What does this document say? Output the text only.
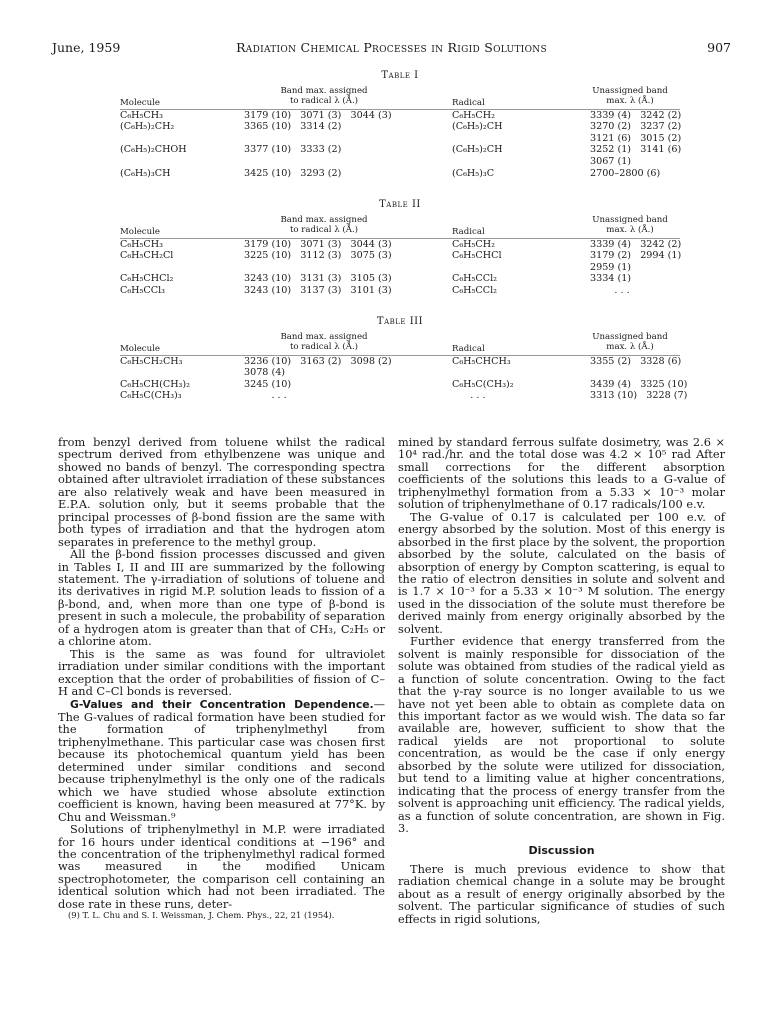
June, 1959	Radiation Chemical Processes in Rigid Solutions	907
Table I
Molecule
Band max. assigned
to radical λ (Å.)	Radical
Unassigned band
max. λ (Å.)
C₆H₅CH₃	3179 (10)   3071 (3)   3044 (3)	C₆H₅CH₂	3339 (4)   3242 (2)
(C₆H₅)₂CH₂	3365 (10)   3314 (2)	(C₆H₅)₂CH	3270 (2)   3237 (2)
3121 (6)   3015 (2)
(C₆H₅)₂CHOH	3377 (10)   3333 (2)	(C₆H₅)₂CH	3252 (1)   3141 (6)
3067 (1)
(C₆H₅)₃CH	3425 (10)   3293 (2)	(C₆H₅)₃C	2700–2800 (6)
Table II
Molecule
Band max. assigned
to radical λ (Å.)	Radical
Unassigned band
max. λ (Å.)
C₆H₅CH₃	3179 (10)   3071 (3)   3044 (3)	C₆H₅CH₂	3339 (4)   3242 (2)
C₆H₅CH₂Cl	3225 (10)   3112 (3)   3075 (3)	C₆H₅CHCl	3179 (2)   2994 (1)
2959 (1)
C₆H₅CHCl₂	3243 (10)   3131 (3)   3105 (3)	C₆H₅CCl₂	3334 (1)
C₆H₅CCl₃	3243 (10)   3137 (3)   3101 (3)	C₆H₅CCl₂	. . .
Table III
Molecule
Band max. assigned
to radical λ (Å.)	Radical
Unassigned band
max. λ (Å.)
C₆H₅CH₂CH₃	3236 (10)   3163 (2)   3098 (2)	C₆H₅CHCH₃	3355 (2)   3328 (6)
3078 (4)
C₆H₅CH(CH₃)₂	3245 (10)	C₆H₅C(CH₃)₂	3439 (4)   3325 (10)
C₆H₅C(CH₃)₃	. . .	. . .	3313 (10)   3228 (7)

from benzyl derived from toluene whilst the radical spectrum derived from ethylbenzene was unique and showed no bands of benzyl. The corresponding spectra obtained after ultraviolet irradiation of these substances are also relatively weak and have been measured in E.P.A. solution only, but it seems probable that the principal processes of β-bond fission are the same with both types of irradiation and that the hydrogen atom separates in preference to the methyl group.

All the β-bond fission processes discussed and given in Tables I, II and III are summarized by the following statement. The γ-irradiation of solutions of toluene and its derivatives in rigid M.P. solution leads to fission of a β-bond, and, when more than one type of β-bond is present in such a molecule, the probability of separation of a hydrogen atom is greater than that of CH₃, C₂H₅ or a chlorine atom.

This is the same as was found for ultraviolet irradiation under similar conditions with the important exception that the order of probabilities of fission of C–H and C–Cl bonds is reversed.

G-Values and their Concentration Dependence.—The G-values of radical formation have been studied for the formation of triphenylmethyl from triphenylmethane. This particular case was chosen first because its photochemical quantum yield has been determined under similar conditions and second because triphenylmethyl is the only one of the radicals which we have studied whose absolute extinction coefficient is known, having been measured at 77°K. by Chu and Weissman.⁹

Solutions of triphenylmethyl in M.P. were irradiated for 16 hours under identical conditions at −196° and the concentration of the triphenylmethyl radical formed was measured in the modified Unicam spectrophotometer, the comparison cell containing an identical solution which had not been irradiated. The dose rate in these runs, deter-

(9) T. L. Chu and S. I. Weissman, J. Chem. Phys., 22, 21 (1954).

mined by standard ferrous sulfate dosimetry, was 2.6 × 10⁴ rad./hr. and the total dose was 4.2 × 10⁵ rad After small corrections for the different absorption coefficients of the solutions this leads to a G-value of triphenylmethyl formation from a 5.33 × 10⁻³ molar solution of triphenylmethane of 0.17 radicals/100 e.v.

The G-value of 0.17 is calculated per 100 e.v. of energy absorbed by the solution. Most of this energy is absorbed in the first place by the solvent, the proportion absorbed by the solute, calculated on the basis of absorption of energy by Compton scattering, is equal to the ratio of electron densities in solute and solvent and is 1.7 × 10⁻³ for a 5.33 × 10⁻³ M solution. The energy used in the dissociation of the solute must therefore be derived mainly from energy originally absorbed by the solvent.

Further evidence that energy transferred from the solvent is mainly responsible for dissociation of the solute was obtained from studies of the radical yield as a function of solute concentration. Owing to the fact that the γ-ray source is no longer available to us we have not yet been able to obtain as complete data on this important factor as we would wish. The data so far available are, however, sufficient to show that the radical yields are not proportional to solute concentration, as would be the case if only energy absorbed by the solute were utilized for dissociation, but tend to a limiting value at higher concentrations, indicating that the process of energy transfer from the solvent is approaching unit efficiency. The radical yields, as a function of solute concentration, are shown in Fig. 3.

Discussion

There is much previous evidence to show that radiation chemical change in a solute may be brought about as a result of energy originally absorbed by the solvent. The particular significance of studies of such effects in rigid solutions,
